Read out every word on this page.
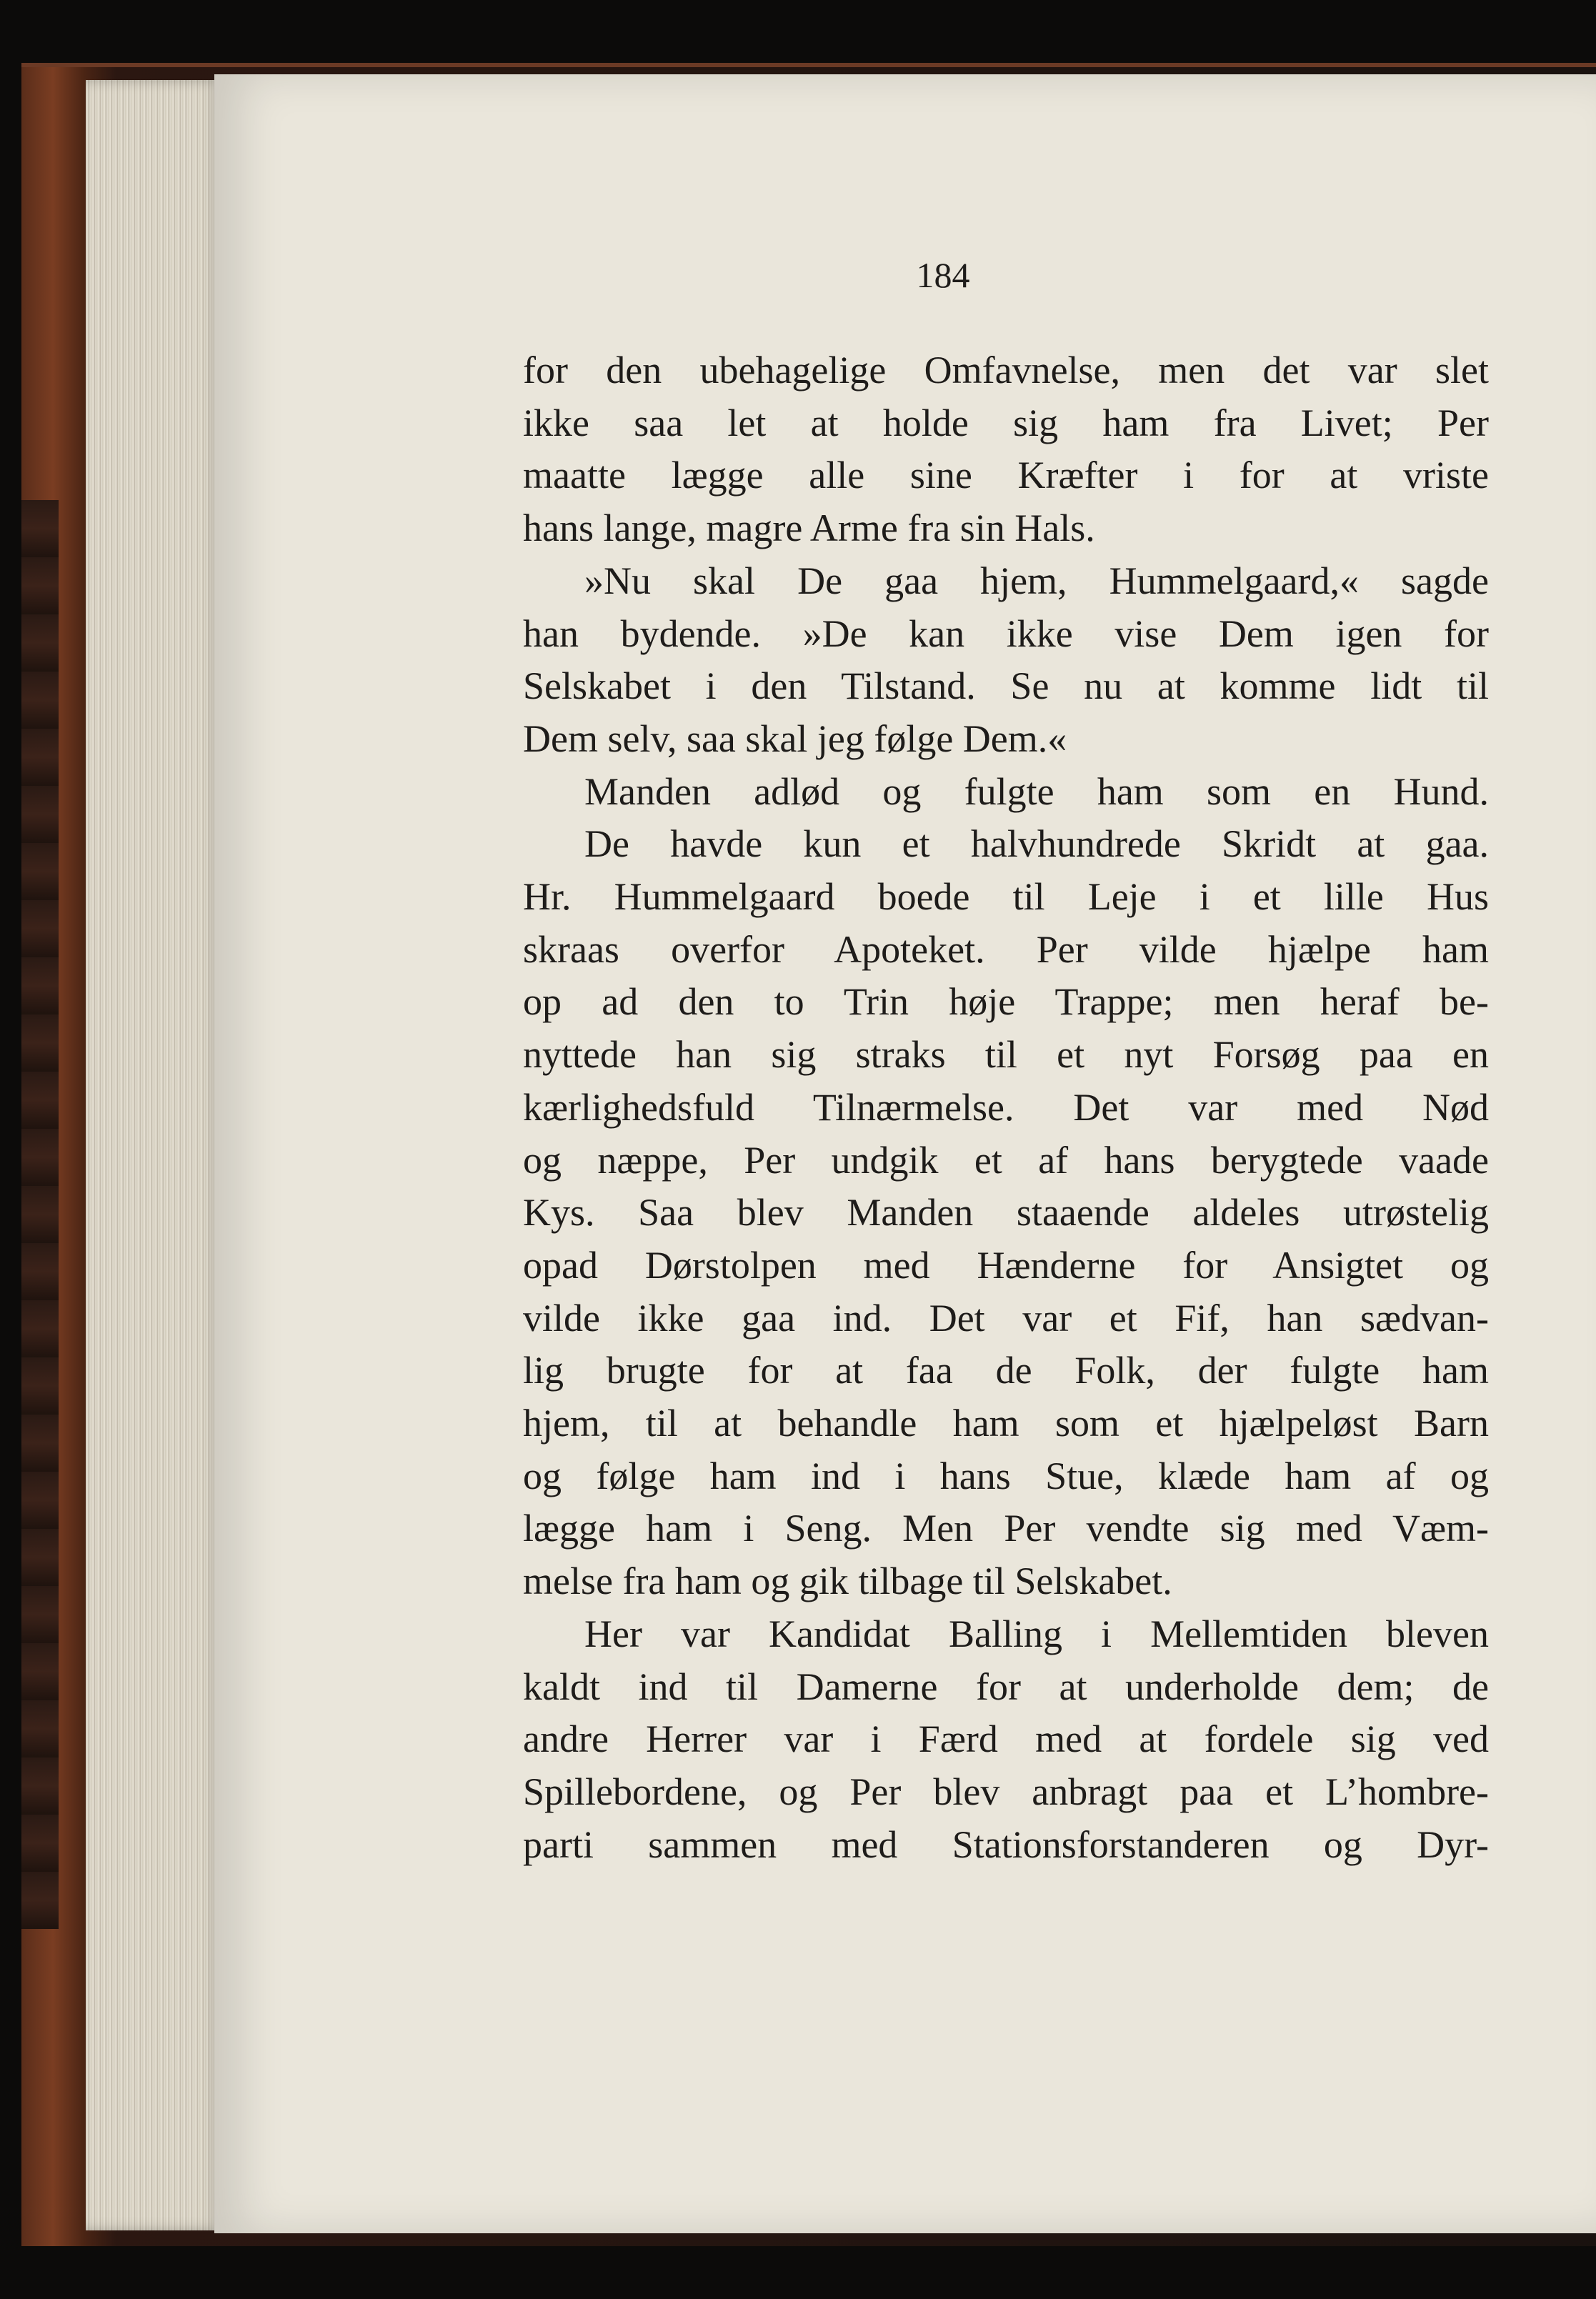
184
for den ubehagelige Omfavnelse, men det var slet
ikke saa let at holde sig ham fra Livet; Per
maatte lægge alle sine Kræfter i for at vriste
hans lange, magre Arme fra sin Hals.
»Nu skal De gaa hjem, Hummelgaard,« sagde
han bydende. »De kan ikke vise Dem igen for
Selskabet i den Tilstand. Se nu at komme lidt til
Dem selv, saa skal jeg følge Dem.«
Manden adlød og fulgte ham som en Hund.
De havde kun et halvhundrede Skridt at gaa.
Hr. Hummelgaard boede til Leje i et lille Hus
skraas overfor Apoteket. Per vilde hjælpe ham
op ad den to Trin høje Trappe; men heraf be-
nyttede han sig straks til et nyt Forsøg paa en
kærlighedsfuld Tilnærmelse. Det var med Nød
og næppe, Per undgik et af hans berygtede vaade
Kys. Saa blev Manden staaende aldeles utrøstelig
opad Dørstolpen med Hænderne for Ansigtet og
vilde ikke gaa ind. Det var et Fif, han sædvan-
lig brugte for at faa de Folk, der fulgte ham
hjem, til at behandle ham som et hjælpeløst Barn
og følge ham ind i hans Stue, klæde ham af og
lægge ham i Seng. Men Per vendte sig med Væm-
melse fra ham og gik tilbage til Selskabet.
Her var Kandidat Balling i Mellemtiden bleven
kaldt ind til Damerne for at underholde dem; de
andre Herrer var i Færd med at fordele sig ved
Spillebordene, og Per blev anbragt paa et L’hombre-
parti sammen med Stationsforstanderen og Dyr-
